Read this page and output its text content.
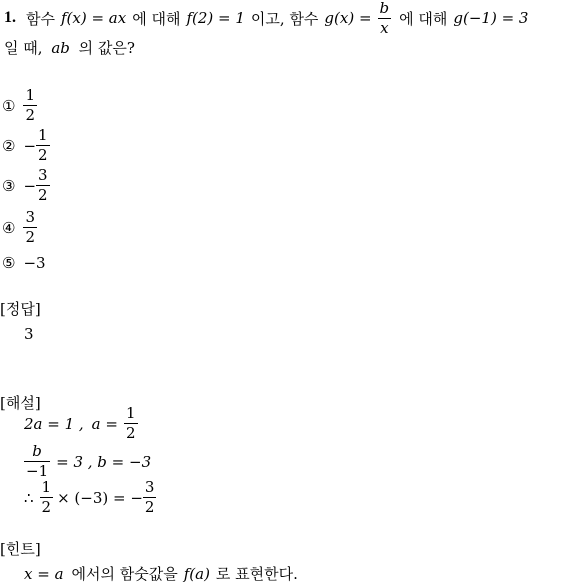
1. 함수 f(x) = ax 에 대해 f(2) = 1 이고, 함수 $g(x) = \frac{b}{x}$ 에 대해 g(−1) = 3
일 때, ab 의 값은?
① $\frac{1}{2}$
② − $\frac{1}{2}$
③ − $\frac{3}{2}$
④ $\frac{3}{2}$
⑤ −3
[정답]
3
[해설]
2a = 1 , $a = \frac{1}{2}$
$\frac{b}{-1} = 3$ , b = −3
∴ $\frac{1}{2} \times (-3)$ = − $\frac{3}{2}$
[힌트]
x = a 에서의 함숫값을 f(a) 로 표현한다.
